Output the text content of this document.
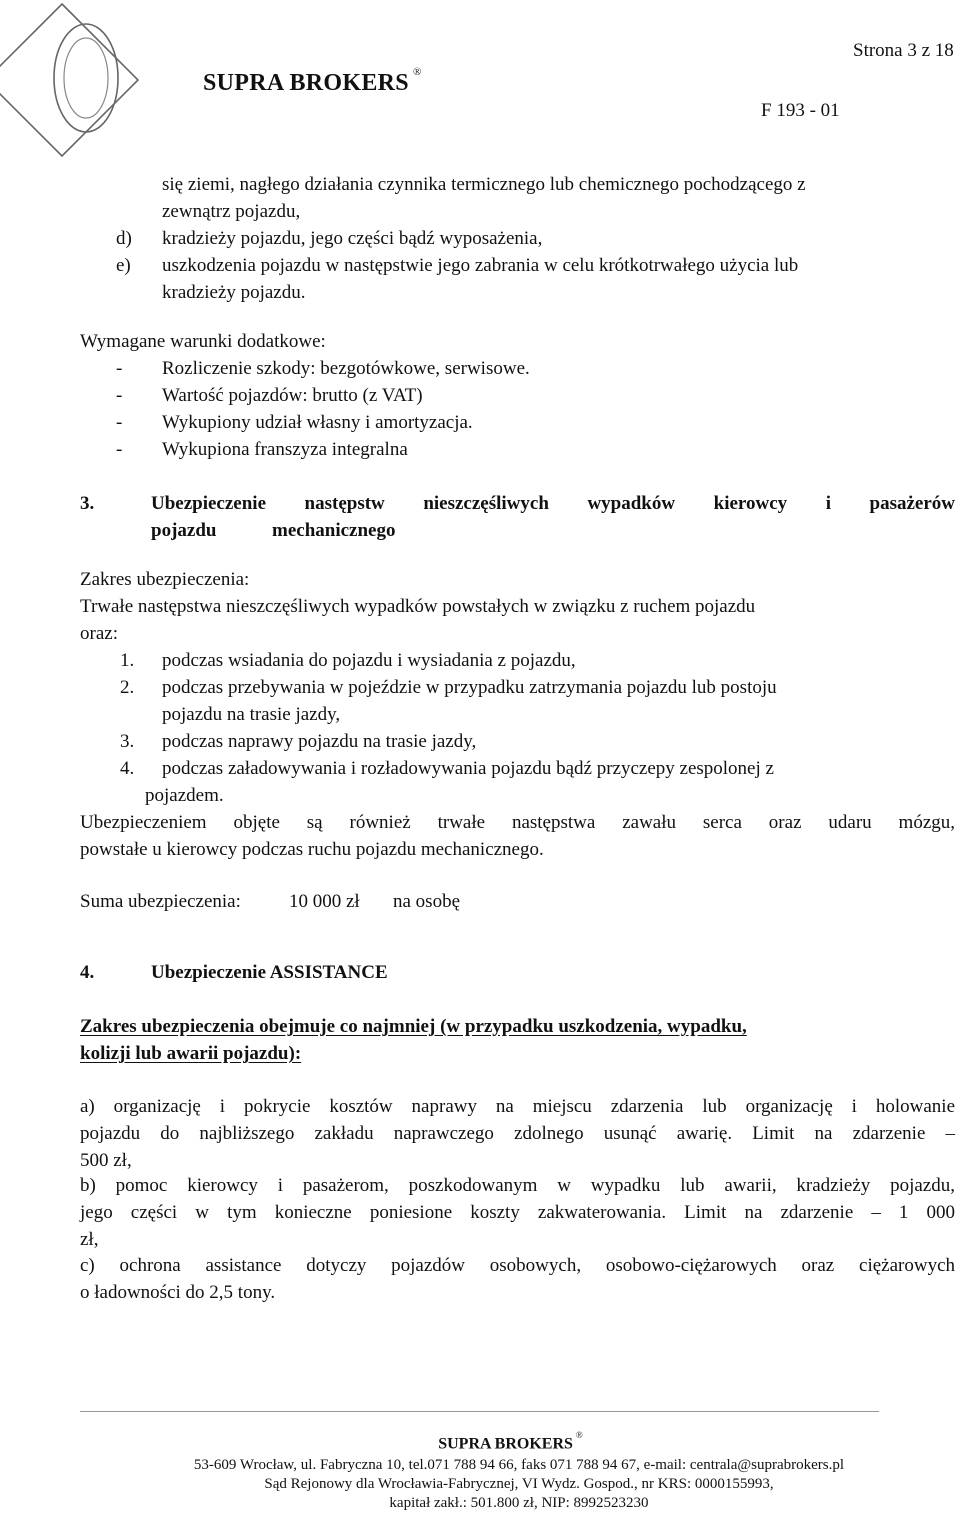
SUPRA BROKERS ®
Strona 3 z 18
F 193 - 01
się ziemi, nagłego działania czynnika termicznego lub chemicznego pochodzącego z
zewnątrz pojazdu,
d) kradzieży pojazdu, jego części bądź wyposażenia,
e) uszkodzenia pojazdu w następstwie jego zabrania w celu krótkotrwałego użycia lub
kradzieży pojazdu.
Wymagane warunki dodatkowe:
- Rozliczenie szkody: bezgotówkowe, serwisowe.
- Wartość pojazdów: brutto (z VAT)
- Wykupiony udział własny i amortyzacja.
- Wykupiona franszyza integralna
3.	Ubezpieczenie następstw nieszczęśliwych wypadków kierowcy i pasażerów
pojazdu	mechanicznego
Zakres ubezpieczenia:
Trwałe następstwa nieszczęśliwych wypadków powstałych w związku z ruchem pojazdu
oraz:
1. podczas wsiadania do pojazdu i wysiadania z pojazdu,
2. podczas przebywania w pojeździe w przypadku zatrzymania pojazdu lub postoju
pojazdu na trasie jazdy,
3. podczas naprawy pojazdu na trasie jazdy,
4. podczas załadowywania i rozładowywania pojazdu bądź przyczepy zespolonej z
pojazdem.
Ubezpieczeniem objęte są również trwałe następstwa zawału serca oraz udaru mózgu,
powstałe u kierowcy podczas ruchu pojazdu mechanicznego.
Suma ubezpieczenia:	10 000 zł na osobę
4.	Ubezpieczenie ASSISTANCE
Zakres ubezpieczenia obejmuje co najmniej (w przypadku uszkodzenia, wypadku,
kolizji lub awarii pojazdu):
a) organizację i pokrycie kosztów naprawy na miejscu zdarzenia lub organizację i holowanie
pojazdu do najbliższego zakładu naprawczego zdolnego usunąć awarię. Limit na zdarzenie –
500 zł,
b) pomoc kierowcy i pasażerom, poszkodowanym w wypadku lub awarii, kradzieży pojazdu,
jego części w tym konieczne poniesione koszty zakwaterowania. Limit na zdarzenie – 1 000
zł,
c) ochrona assistance dotyczy pojazdów osobowych, osobowo-ciężarowych oraz ciężarowych
o ładowności do 2,5 tony.
SUPRA BROKERS®
53-609 Wrocław, ul. Fabryczna 10, tel.071 788 94 66, faks 071 788 94 67, e-mail: centrala@suprabrokers.pl
Sąd Rejonowy dla Wrocławia-Fabrycznej, VI Wydz. Gospod., nr KRS: 0000155993,
kapitał zakł.: 501.800 zł, NIP: 8992523230
